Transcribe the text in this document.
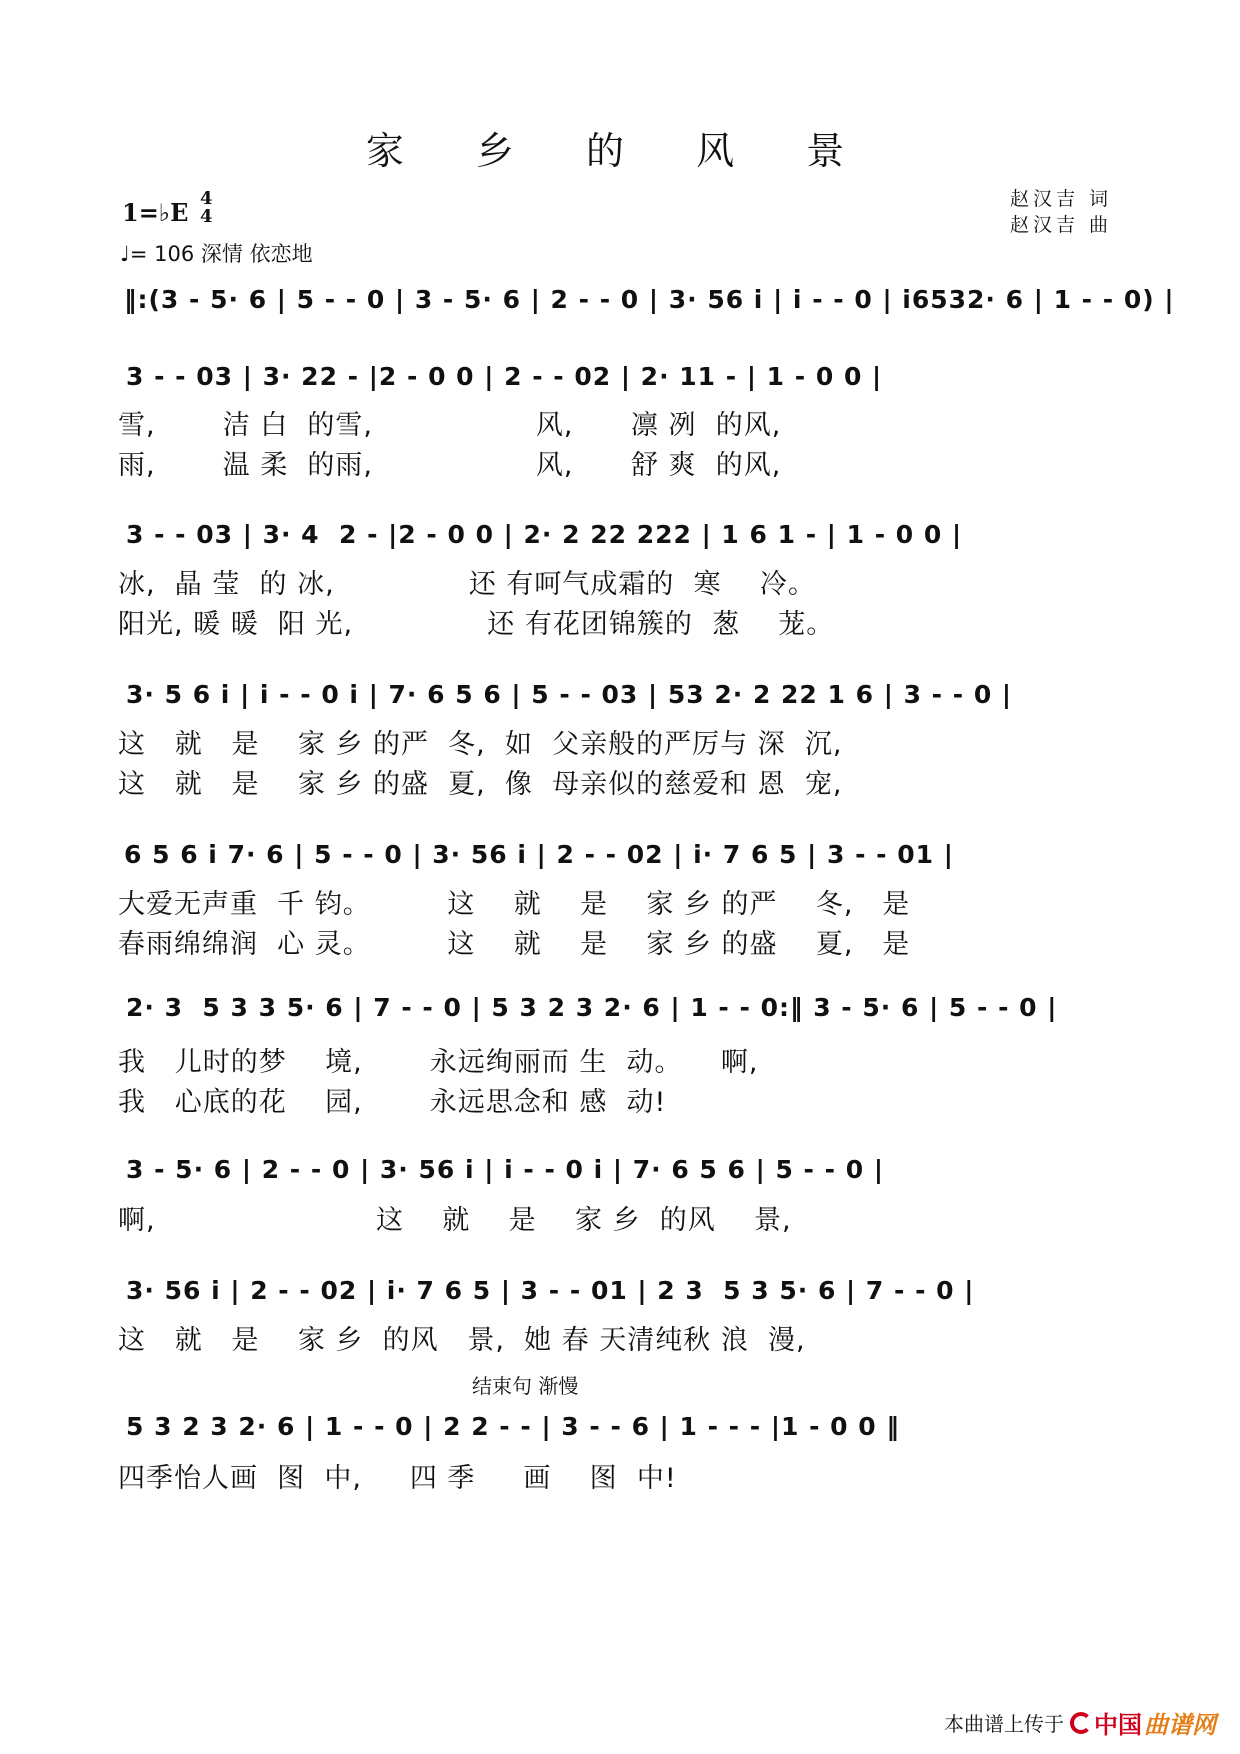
家 乡 的 风 景
1=♭E 4
4
♩= 106 深情 依恋地
赵汉吉 词
赵汉吉 曲
‖:(3 - 5· 6 | 5 - - 0 | 3 - 5· 6 | 2 - - 0 | 3· 56 i | i - - 0 | i6532· 6 | 1 - - 0) |
3 - - 03 | 3· 22 - |2 - 0 0 | 2 - - 02 | 2· 11 - | 1 - 0 0 |
雪,       洁 白  的雪,                 风,      凛 冽  的风,
雨,       温 柔  的雨,                 风,      舒 爽  的风,
3 - - 03 | 3· 4  2 - |2 - 0 0 | 2· 2 22 222 | 1 6 1 - | 1 - 0 0 |
冰,  晶 莹  的 冰,              还 有呵气成霜的  寒    冷。
阳光, 暖 暖  阳 光,              还 有花团锦簇的  葱    茏。
3· 5 6 i | i - - 0 i | 7· 6 5 6 | 5 - - 03 | 53 2· 2 22 1 6 | 3 - - 0 |
这   就   是    家 乡 的严  冬,  如  父亲般的严厉与 深  沉,
这   就   是    家 乡 的盛  夏,  像  母亲似的慈爱和 恩  宠,
6 5 6 i 7· 6 | 5 - - 0 | 3· 56 i | 2 - - 02 | i· 7 6 5 | 3 - - 01 |
大爱无声重  千 钧。        这    就    是    家 乡 的严    冬,   是
春雨绵绵润  心 灵。        这    就    是    家 乡 的盛    夏,   是
2· 3  5 3 3 5· 6 | 7 - - 0 | 5 3 2 3 2· 6 | 1 - - 0:‖ 3 - 5· 6 | 5 - - 0 |
我   儿时的梦    境,       永远绚丽而 生  动。    啊,
我   心底的花    园,       永远思念和 感  动!
3 - 5· 6 | 2 - - 0 | 3· 56 i | i - - 0 i | 7· 6 5 6 | 5 - - 0 |
啊,                       这    就    是    家 乡  的风    景,
3· 56 i | 2 - - 02 | i· 7 6 5 | 3 - - 01 | 2 3  5 3 5· 6 | 7 - - 0 |
这   就   是    家 乡  的风   景,  她 春 天清纯秋 浪  漫,
结束句 渐慢
5 3 2 3 2· 6 | 1 - - 0 | 2 2 - - | 3 - - 6 | 1 - - - |1 - 0 0 ‖
四季怡人画  图  中,     四 季     画    图  中!
本曲谱上传于 中国 曲谱网
